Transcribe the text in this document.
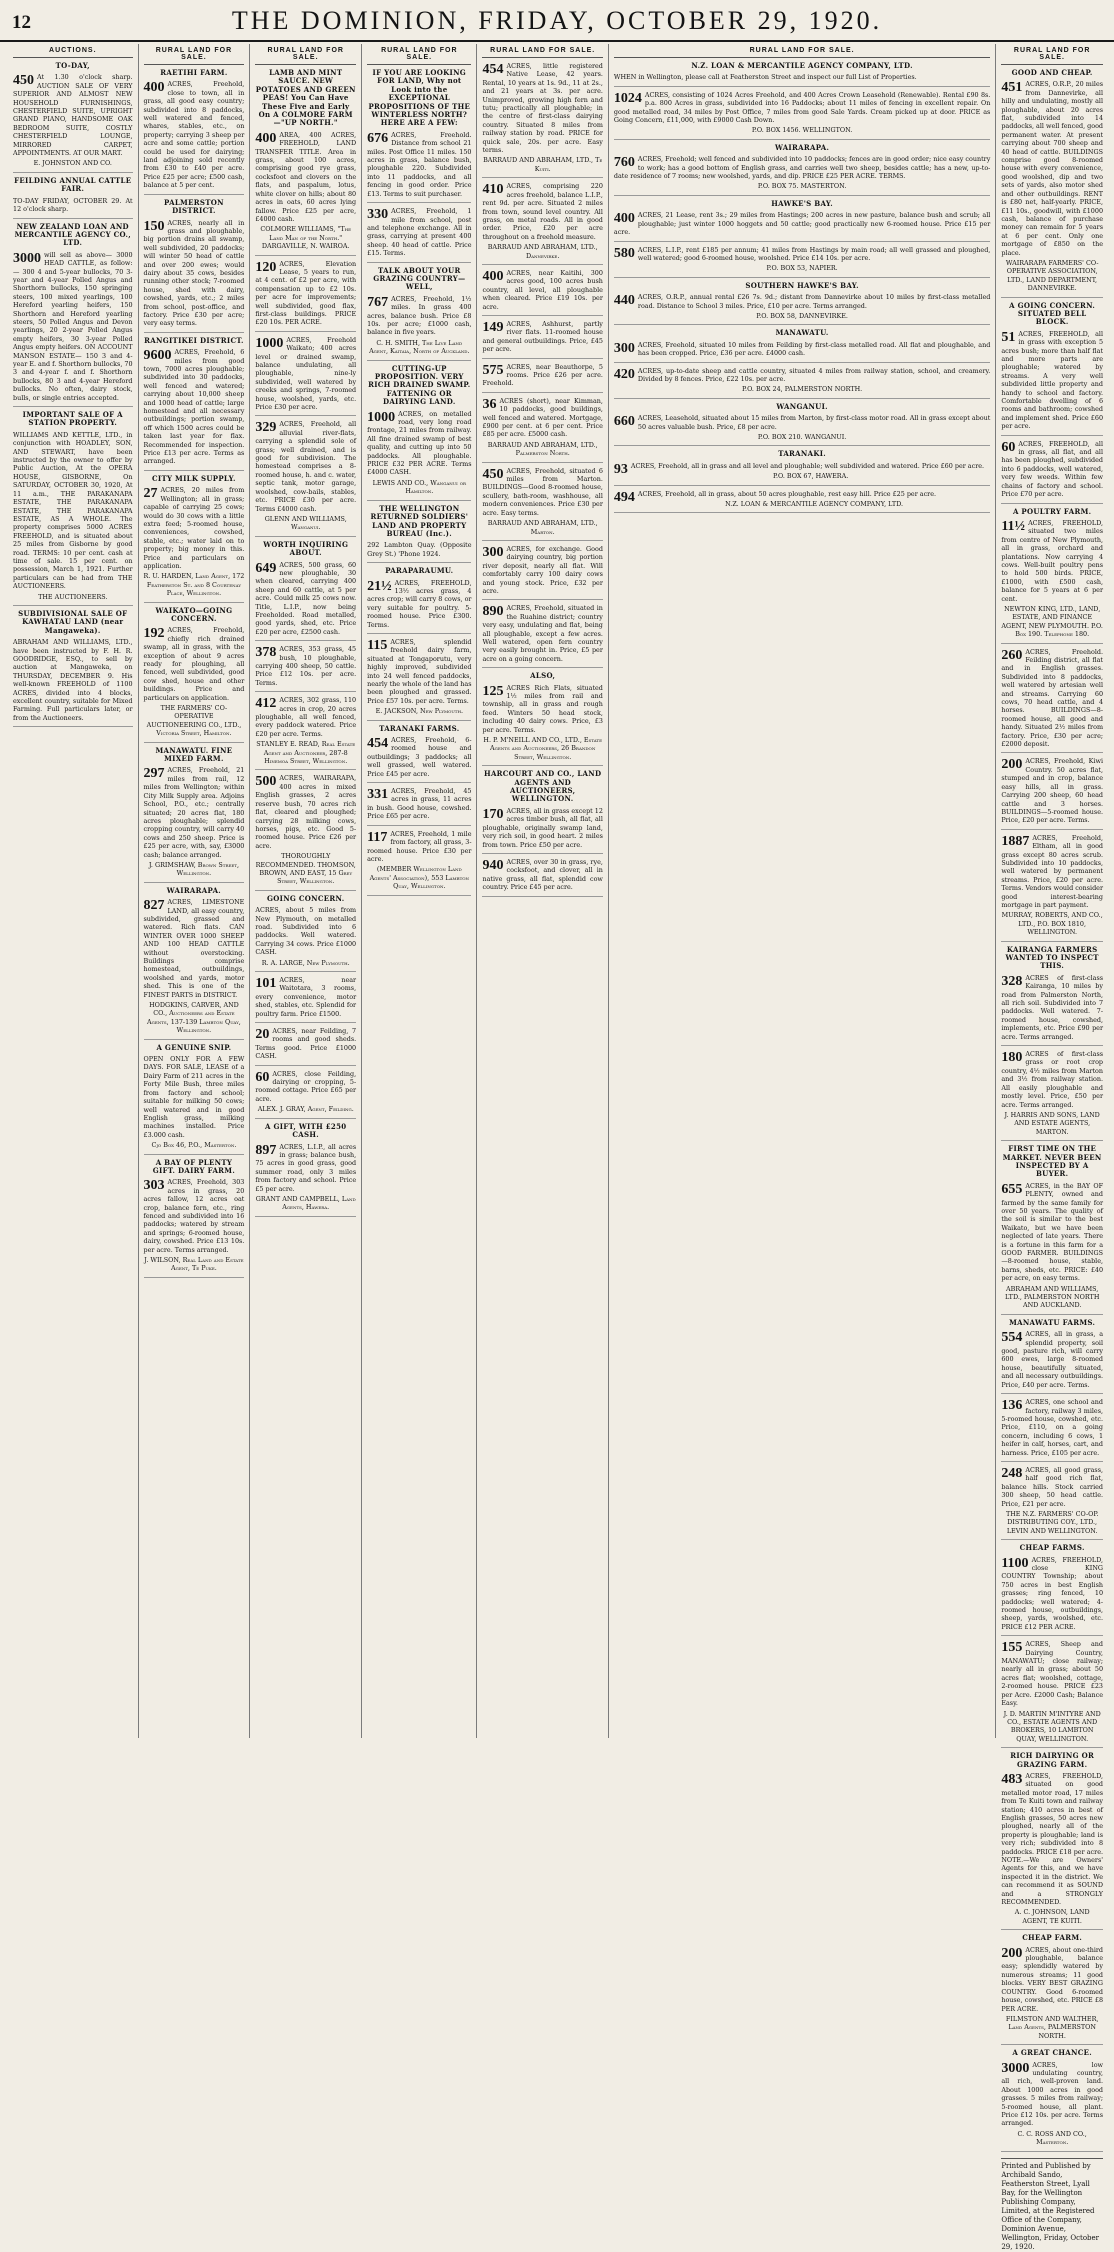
12	THE DOMINION, FRIDAY, OCTOBER 29, 1920.
AUCTIONS.
TO-DAY,

450 At 1.30 o'clock sharp. AUCTION SALE OF VERY SUPERIOR AND ALMOST NEW HOUSEHOLD FURNISHINGS, CHESTERFIELD SUITE, UPRIGHT GRAND PIANO, HANDSOME OAK BEDROOM SUITE, COSTLY CHESTERFIELD LOUNGE, MIRRORED CARPET, APPOINTMENTS. AT OUR MART.

E. JOHNSTON AND CO.
FEILDING ANNUAL CATTLE FAIR.

TO-DAY FRIDAY, OCTOBER 29. At 12 o'clock sharp.

NEW ZEALAND LOAN AND MERCANTILE AGENCY CO., LTD.

3000 will sell as above— 3000 HEAD CATTLE, as follow:— 300 4 and 5-year bullocks, 70 3-year and 4-year Polled Angus and Shorthorn bullocks, 150 springing steers, 100 mixed yearlings, 100 Hereford yearling heifers, 150 Shorthorn and Hereford yearling steers, 50 Polled Angus and Devon yearlings, 20 2-year Polled Angus empty heifers, 30 3-year Polled Angus empty heifers. ON ACCOUNT MANSON ESTATE— 150 3 and 4-year E. and f. Shorthorn bullocks, 70 3 and 4-year f. and f. Shorthorn bullocks, 80 3 and 4-year Hereford bullocks. No often, dairy stock, bulls, or single entries accepted.

IMPORTANT SALE OF A STATION PROPERTY.

WILLIAMS AND KETTLE, LTD., in conjunction with HOADLEY, SON, AND STEWART, have been instructed by the owner to offer by Public Auction, At the OPERA HOUSE, GISBORNE, On SATURDAY, OCTOBER 30, 1920, At 11 a.m., THE PARAKANAPA ESTATE, THE PARAKANAPA ESTATE, THE PARAKANAPA ESTATE, AS A WHOLE. The property comprises 5000 ACRES FREEHOLD, and is situated about 25 miles from Gisborne by good road. TERMS: 10 per cent. cash at time of sale. 15 per cent. on possession, March 1, 1921. Further particulars can be had from THE AUCTIONEERS.

THE AUCTIONEERS.
SUBDIVISIONAL SALE OF KAWHATAU LAND (near Mangaweka).

ABRAHAM AND WILLIAMS, LTD., have been instructed by F. H. R. GOODRIDGE, ESQ., to sell by auction at Mangaweka, on THURSDAY, DECEMBER 9. His well-known FREEHOLD of 1100 ACRES, divided into 4 blocks, excellent country, suitable for Mixed Farming. Full particulars later, or from the Auctioneers.

RURAL LAND FOR SALE.
RAETIHI FARM.

400 ACRES, Freehold, close to town, all in grass, all good easy country; subdivided into 8 paddocks, well watered and fenced, whares, stables, etc., on property; carrying 3 sheep per acre and some cattle; portion could be used for dairying; land adjoining sold recently from £30 to £40 per acre. Price £25 per acre; £500 cash, balance at 5 per cent.

PALMERSTON DISTRICT.

150 ACRES, nearly all in grass and ploughable, big portion drains all swamp, well subdivided, 20 paddocks; will winter 50 head of cattle and over 200 ewes; would dairy about 35 cows, besides running other stock; 7-roomed house, shed with dairy, cowshed, yards, etc.; 2 miles from school, post-office, and factory. Price £30 per acre; very easy terms.

RANGITIKEI DISTRICT.

9600 ACRES, Freehold, 6 miles from good town, 7000 acres ploughable; subdivided into 30 paddocks, well fenced and watered; carrying about 10,000 sheep and 1000 head of cattle; large homestead and all necessary outbuildings; portion swamp, off which 1500 acres could be taken last year for flax. Recommended for inspection. Price £13 per acre. Terms as arranged.

CITY MILK SUPPLY.

27 ACRES, 20 miles from Wellington; all in grass; capable of carrying 25 cows; would do 30 cows with a little extra feed; 5-roomed house, conveniences, cowshed, stable, etc.; water laid on to property; big money in this. Price and particulars on application.

R. U. HARDEN, Land Agent, 172 Featherston St. and 8 Courtenay Place, Wellington.
WAIKATO—GOING CONCERN.

192 ACRES, Freehold, chiefly rich drained swamp, all in grass, with the exception of about 9 acres ready for ploughing, all fenced, well subdivided, good cow shed, house and other buildings. Price and particulars on application.

THE FARMERS' CO-OPERATIVE AUCTIONEERING CO., LTD., Victoria Street, Hamilton.
MANAWATU. FINE MIXED FARM.

297 ACRES, Freehold, 21 miles from rail, 12 miles from Wellington; within City Milk Supply area. Adjoins School, P.O., etc.; centrally situated; 20 acres flat, 180 acres ploughable; splendid cropping country, will carry 40 cows and 250 sheep. Price is £25 per acre, with, say, £3000 cash; balance arranged.

J. GRIMSHAW, Brown Street, Wellington.
WAIRARAPA.

827 ACRES, LIMESTONE LAND, all easy country, subdivided, grassed and watered. Rich flats. CAN WINTER OVER 1000 SHEEP AND 100 HEAD CATTLE without overstocking. Buildings comprise homestead, outbuildings, woolshed and yards, motor shed. This is one of the FINEST PARTS in DISTRICT.

HODGKINS, CARVER, AND CO., Auctioneers and Estate Agents, 137-139 Lambton Quay, Wellington.
A GENUINE SNIP.

OPEN ONLY FOR A FEW DAYS. FOR SALE, LEASE of a Dairy Farm of 211 acres in the Forty Mile Bush, three miles from factory and school; suitable for milking 50 cows; well watered and in good English grass, milking machines installed. Price £3.000 cash.

Cjo Box 46, P.O., Masterton.
A BAY OF PLENTY GIFT. DAIRY FARM.

303 ACRES, Freehold, 303 acres in grass, 20 acres fallow, 12 acres oat crop, balance fern, etc., ring fenced and subdivided into 16 paddocks; watered by stream and springs; 6-roomed house, dairy, cowshed. Price £13 10s. per acre. Terms arranged.

J. WILSON, Real Land and Estate Agent, Te Puke.
RURAL LAND FOR SALE.
LAMB AND MINT SAUCE. NEW POTATOES AND GREEN PEAS! You Can Have These Five and Early On A COLMORE FARM—"UP NORTH."

400 AREA, 400 ACRES, FREEHOLD, LAND TRANSFER TITLE. Area in grass, about 100 acres, comprising good rye grass, cocksfoot and clovers on the flats, and paspalum, lotus, white clover on hills; about 80 acres in oats, 60 acres lying fallow. Price £25 per acre, £4000 cash.

COLMORE WILLIAMS, "The Land Man of the North." DARGAVILLE, N. WAIROA.

120 ACRES, Elevation Lease, 5 years to run, at 4 cent. of £2 per acre, with compensation up to £2 10s. per acre for improvements; well subdivided, good flax, first-class buildings. PRICE £20 10s. PER ACRE.

1000 ACRES, Freehold Waikato; 400 acres level or drained swamp, balance undulating, all ploughable, nine-ly subdivided, well watered by creeks and springs, 7-roomed house, woolshed, yards, etc. Price £30 per acre.

329 ACRES, Freehold, all alluvial river-flats, carrying a splendid sole of grass; well drained, and is good for subdivision. The homestead comprises a 8-roomed house, h. and c. water, septic tank, motor garage, woolshed, cow-bails, stables, etc. PRICE £30 per acre. Terms £4000 cash.

GLENN AND WILLIAMS, Wanganui.
WORTH INQUIRING ABOUT.

649 ACRES, 500 grass, 60 new ploughable, 30 when cleared, carrying 400 sheep and 60 cattle, at 5 per acre. Could milk 25 cows now. Title, L.I.P., now being Freeholded. Road metalled, good yards, shed, etc. Price £20 per acre, £2500 cash.

378 ACRES, 353 grass, 45 bush, 10 ploughable, carrying 400 sheep, 50 cattle. Price £12 10s. per acre. Terms.

412 ACRES, 302 grass, 110 acres in crop, 20 acres ploughable, all well fenced, every paddock watered. Price £20 per acre. Terms.

STANLEY E. READ, Real Estate Agent and Auctioneer, 287-8 Hinemoa Street, Wellington.

500 ACRES, WAIRARAPA, 400 acres in mixed English grasses, 2 acres reserve bush, 70 acres rich flat, cleared and ploughed; carrying 28 milking cows, horses, pigs, etc. Good 5-roomed house. Price £26 per acre.

THOROUGHLY RECOMMENDED. THOMSON, BROWN, AND EAST, 15 Grey Street, Wellington.
GOING CONCERN.

ACRES, about 5 miles from New Plymouth, on metalled road. Subdivided into 6 paddocks. Well watered. Carrying 34 cows. Price £1000 CASH.

R. A. LARGE, New Plymouth.

101 ACRES, near Waitotara, 3 rooms, every convenience, motor shed, stables, etc. Splendid for poultry farm. Price £1500.

20 ACRES, near Feilding, 7 rooms and good sheds. Terms good. Price £1000 CASH.

60 ACRES, close Feilding, dairying or cropping, 5-roomed cottage. Price £65 per acre.

ALEX. J. GRAY, Agent, Feilding.
A GIFT, WITH £250 CASH.

897 ACRES, L.I.P., all acres in grass; balance bush, 75 acres in good grass, good summer road, only 3 miles from factory and school. Price £5 per acre.

GRANT AND CAMPBELL, Land Agents, Hawera.
RURAL LAND FOR SALE.
IF YOU ARE LOOKING FOR LAND, Why not Look into the EXCEPTIONAL PROPOSITIONS OF THE WINTERLESS NORTH? HERE ARE A FEW:

676 ACRES, Freehold. Distance from school 21 miles. Post Office 11 miles. 150 acres in grass, balance bush, ploughable 220. Subdivided into 11 paddocks, and all fencing in good order. Price £13. Terms to suit purchaser.

330 ACRES, Freehold, 1 mile from school, post and telephone exchange. All in grass, carrying at present 400 sheep. 40 head of cattle. Price £15. Terms.

TALK ABOUT YOUR GRAZING COUNTRY—WELL,

767 ACRES, Freehold, 1½ miles. In grass 400 acres, balance bush. Price £8 10s. per acre; £1000 cash, balance in five years.

C. H. SMITH, The Live Land Agent, Kaitaia, North of Auckland.
CUTTING-UP PROPOSITION. VERY RICH DRAINED SWAMP. FATTENING OR DAIRYING LAND.

1000 ACRES, on metalled road, very long road frontage, 21 miles from railway. All fine drained swamp of best quality, and cutting up into 50 paddocks. All ploughable. PRICE £32 PER ACRE. Terms £4000 CASH.

LEWIS AND CO., Wanganui or Hamilton.
THE WELLINGTON RETURNED SOLDIERS' LAND AND PROPERTY BUREAU (Inc.).

292 Lambton Quay. (Opposite Grey St.) 'Phone 1924.

PARAPARAUMU.

21½ ACRES, FREEHOLD, 13½ acres grass, 4 acres crop; will carry 8 cows, or very suitable for poultry. 5-roomed house. Price £300. Terms.

115 ACRES, splendid freehold dairy farm, situated at Tongaporutu, very highly improved, subdivided into 24 well fenced paddocks, nearly the whole of the land has been ploughed and grassed. Price £57 10s. per acre. Terms.

E. JACKSON, New Plymouth.
TARANAKI FARMS.

454 ACRES, Freehold, 6-roomed house and outbuildings; 3 paddocks; all well grassed, well watered. Price £45 per acre.

331 ACRES, Freehold, 45 acres in grass, 11 acres in bush. Good house, cowshed. Price £65 per acre.

117 ACRES, Freehold, 1 mile from factory, all grass, 3-roomed house. Price £30 per acre.

(MEMBER Wellington Land Agents' Association), 553 Lambton Quay, Wellington.
RURAL LAND FOR SALE.

454 ACRES, little registered Native Lease, 42 years. Rental, 10 years at 1s. 9d., 11 at 2s., and 21 years at 3s. per acre. Unimproved, growing high fern and tutu; practically all ploughable; in the centre of first-class dairying country. Situated 8 miles from railway station by road. PRICE for quick sale, 20s. per acre. Easy terms.

BARRAUD AND ABRAHAM, LTD., Te Kuiti.

410 ACRES, comprising 220 acres freehold, balance L.I.P., rent 9d. per acre. Situated 2 miles from town, sound level country. All grass, on metal roads. All in good order. Price, £20 per acre throughout on a freehold measure.

BARRAUD AND ABRAHAM, LTD., Dannevirke.

400 ACRES, near Kaitihi, 300 acres good, 100 acres bush country, all level, all ploughable when cleared. Price £19 10s. per acre.

149 ACRES, Ashhurst, partly river flats. 11-roomed house and general outbuildings. Price, £45 per acre.

575 ACRES, near Beauthorpe, 5 rooms. Price £26 per acre. Freehold.

36 ACRES (short), near Kimman, 10 paddocks, good buildings, well fenced and watered. Mortgage, £900 per cent. at 6 per cent. Price £85 per acre. £5000 cash.

BARRAUD AND ABRAHAM, LTD., Palmerston North.

450 ACRES, Freehold, situated 6 miles from Marton. BUILDINGS—Good 8-roomed house, scullery, bath-room, washhouse, all modern conveniences. Price £30 per acre. Easy terms.

BARRAUD AND ABRAHAM, LTD., Marton.

300 ACRES, for exchange. Good dairying country, big portion river deposit, nearly all flat. Will comfortably carry 100 dairy cows and young stock. Price, £32 per acre.

890 ACRES, Freehold, situated in the Ruahine district; country very easy, undulating and flat, being all ploughable, except a few acres. Well watered, open fern country very easily brought in. Price, £5 per acre on a going concern.

ALSO,

125 ACRES Rich Flats, situated 1½ miles from rail and township, all in grass and rough feed. Winters 50 head stock, including 40 dairy cows. Price, £3 per acre. Terms.

H. P. M'NEILL AND CO., LTD., Estate Agents and Auctioneers, 26 Brandon Street, Wellington.
HARCOURT AND CO., LAND AGENTS AND AUCTIONEERS, WELLINGTON.

170 ACRES, all in grass except 12 acres timber bush, all flat, all ploughable, originally swamp land, very rich soil, in good heart. 2 miles from town. Price £50 per acre.

940 ACRES, over 30 in grass, rye, cocksfoot, and clover, all in native grass, all flat, splendid cow country. Price £45 per acre.

RURAL LAND FOR SALE.
N.Z. LOAN & MERCANTILE AGENCY COMPANY, LTD.

WHEN in Wellington, please call at Featherston Street and inspect our full List of Properties.

1024 ACRES, consisting of 1024 Acres Freehold, and 400 Acres Crown Leasehold (Renewable). Rental £90 8s. p.a. 800 Acres in grass, subdivided into 16 Paddocks; about 11 miles of fencing in excellent repair. On good metalled road, 34 miles by Post Office, 7 miles from good Sale Yards. Cream picked up at door. PRICE as Going Concern, £11,000, with £9000 Cash Down.

P.O. BOX 1456. WELLINGTON.
WAIRARAPA.

760 ACRES, Freehold; well fenced and subdivided into 10 paddocks; fences are in good order; nice easy country to work; has a good bottom of English grass, and carries well two sheep, besides cattle; has a new, up-to-date residence of 7 rooms; new woolshed, yards, and dip. PRICE £25 PER ACRE. TERMS.

P.O. BOX 75. MASTERTON.
HAWKE'S BAY.

400 ACRES, 21 Lease, rent 3s.; 29 miles from Hastings; 200 acres in new pasture, balance bush and scrub; all ploughable; just winter 1000 hoggets and 50 cattle; good practically new 6-roomed house. Price £15 per acre.

580 ACRES, L.I.P., rent £185 per annum; 41 miles from Hastings by main road; all well grassed and ploughed, well watered; good 6-roomed house, woolshed. Price £14 10s. per acre.

P.O. BOX 53, NAPIER.
SOUTHERN HAWKE'S BAY.

440 ACRES, O.R.P., annual rental £26 7s. 9d.; distant from Dannevirke about 10 miles by first-class metalled road. Distance to School 3 miles. Price, £10 per acre. Terms arranged.

P.O. BOX 58, DANNEVIRKE.
MANAWATU.

300 ACRES, Freehold, situated 10 miles from Feilding by first-class metalled road. All flat and ploughable, and has been cropped. Price, £36 per acre. £4000 cash.

420 ACRES, up-to-date sheep and cattle country, situated 4 miles from railway station, school, and creamery. Divided by 8 fences. Price, £22 10s. per acre.

P.O. BOX 24, PALMERSTON NORTH.
WANGANUI.

660 ACRES, Leasehold, situated about 15 miles from Marton, by first-class motor road. All in grass except about 50 acres valuable bush. Price, £8 per acre.

P.O. BOX 210. WANGANUI.
TARANAKI.

93 ACRES, Freehold, all in grass and all level and ploughable; well subdivided and watered. Price £60 per acre.

P.O. BOX 67, HAWERA.

494 ACRES, Freehold, all in grass, about 50 acres ploughable, rest easy hill. Price £25 per acre.

N.Z. LOAN & MERCANTILE AGENCY COMPANY, LTD.
RURAL LAND FOR SALE.
GOOD AND CHEAP.

451 ACRES, O.R.P., 20 miles from Dannevirke, all hilly and undulating, mostly all ploughable, about 20 acres flat, subdivided into 14 paddocks, all well fenced, good permanent water. At present carrying about 700 sheep and 40 head of cattle. BUILDINGS comprise good 8-roomed house with every convenience, good woolshed, dip and two sets of yards, also motor shed and other outbuildings. RENT is £80 net, half-yearly. PRICE, £11 10s., goodwill, with £1000 cash, balance of purchase money can remain for 5 years at 6 per cent. Only one mortgage of £850 on the place.

WAIRARAPA FARMERS' CO-OPERATIVE ASSOCIATION, LTD., LAND DEPARTMENT, DANNEVIRKE.
A GOING CONCERN. SITUATED BELL BLOCK.

51 ACRES, FREEHOLD, all in grass with exception 5 acres bush; more than half flat and more parts are ploughable; watered by streams. A very well subdivided little property and handy to school and factory. Comfortable dwelling of 6 rooms and bathroom; cowshed and implement shed. Price £60 per acre.

60 ACRES, FREEHOLD, all in grass, all flat, and all has been ploughed, subdivided into 6 paddocks, well watered, very few weeds. Within few chains of factory and school. Price £70 per acre.

A POULTRY FARM.

11½ ACRES, FREEHOLD, situated two miles from centre of New Plymouth, all in grass, orchard and plantations. Now carrying 4 cows. Well-built poultry pens to hold 500 birds. PRICE, £1000, with £500 cash, balance for 5 years at 6 per cent.

NEWTON KING, LTD., LAND, ESTATE, AND FINANCE AGENT, NEW PLYMOUTH. P.O. Box 190. Telephone 180.

260 ACRES, Freehold. Feilding district, all flat and in English grasses. Subdivided into 8 paddocks, well watered by artesian well and streams. Carrying 60 cows, 70 head cattle, and 4 horses. BUILDINGS—8-roomed house, all good and handy. Situated 2½ miles from factory. Price, £30 per acre; £2000 deposit.

200 ACRES, Freehold, Kiwi Country. 50 acres flat, stumped and in crop, balance easy hills, all in grass. Carrying 200 sheep, 60 head cattle and 3 horses. BUILDINGS—5-roomed house. Price, £20 per acre. Terms.

1887 ACRES, Freehold, Eltham, all in good grass except 80 acres scrub. Subdivided into 10 paddocks, well watered by permanent streams. Price, £20 per acre. Terms. Vendors would consider good interest-bearing mortgage in part payment.

MURRAY, ROBERTS, AND CO., LTD., P.O. BOX 1810, WELLINGTON.
KAIRANGA FARMERS WANTED TO INSPECT THIS.

328 ACRES of first-class Kairanga, 10 miles by road from Palmerston North, all rich soil. Subdivided into 7 paddocks. Well watered. 7-roomed house, cowshed, implements, etc. Price £90 per acre. Terms arranged.

180 ACRES of first-class grass or root crop country, 4½ miles from Marton and 3½ from railway station. All easily ploughable and mostly level. Price, £50 per acre. Terms arranged.

J. HARRIS AND SONS, LAND AND ESTATE AGENTS, MARTON.
FIRST TIME ON THE MARKET. NEVER BEEN INSPECTED BY A BUYER.

655 ACRES, in the BAY OF PLENTY, owned and farmed by the same family for over 50 years. The quality of the soil is similar to the best Waikato, but we have been neglected of late years. There is a fortune in this farm for a GOOD FARMER. BUILDINGS—8-roomed house, stable, barns, sheds, etc. PRICE: £40 per acre, on easy terms.

ABRAHAM AND WILLIAMS, LTD., PALMERSTON NORTH AND AUCKLAND.
MANAWATU FARMS.

554 ACRES, all in grass, a splendid property, soil good, pasture rich, will carry 600 ewes, large 8-roomed house, beautifully situated, and all necessary outbuildings. Price, £40 per acre. Terms.

136 ACRES, one school and factory, railway 3 miles, 5-roomed house, cowshed, etc. Price, £110, on a going concern, including 6 cows, 1 heifer in calf, horses, cart, and harness. Price, £105 per acre.

248 ACRES, all good grass, half good rich flat, balance hills. Stock carried 300 sheep, 50 head cattle. Price, £21 per acre.

THE N.Z. FARMERS' CO-OP. DISTRIBUTING COY., LTD., LEVIN AND WELLINGTON.
CHEAP FARMS.

1100 ACRES, FREEHOLD, close KING COUNTRY Township; about 750 acres in best English grasses; ring fenced, 10 paddocks; well watered; 4-roomed house, outbuildings, sheep, yards, woolshed, etc. PRICE £12 PER ACRE.

155 ACRES, Sheep and Dairying Country, MANAWATU; close railway; nearly all in grass; about 50 acres flat; woolshed, cottage, 2-roomed house. PRICE £23 per Acre. £2000 Cash; Balance Easy.

J. D. MARTIN M'INTYRE AND CO., ESTATE AGENTS AND BROKERS, 10 LAMBTON QUAY, WELLINGTON.
RICH DAIRYING OR GRAZING FARM.

483 ACRES, FREEHOLD, situated on good metalled motor road, 17 miles from Te Kuiti town and railway station; 410 acres in best of English grasses, 50 acres new ploughed, nearly all of the property is ploughable; land is very rich; subdivided into 8 paddocks. PRICE £18 per acre. NOTE.—We are Owners' Agents for this, and we have inspected it in the district. We can recommend it as SOUND and a STRONGLY RECOMMENDED.

A. C. JOHNSON, LAND AGENT, TE KUITI.
CHEAP FARM.

200 ACRES, about one-third ploughable, balance easy; splendidly watered by numerous streams; 11 good blocks. VERY BEST GRAZING COUNTRY. Good 6-roomed house, cowshed, etc. PRICE £8 PER ACRE.

FILMSTON AND WALTHER, Land Agents, PALMERSTON NORTH.
A GREAT CHANCE.

3000 ACRES, low undulating country, all rich, well-proven land. About 1000 acres in good grasses. 5 miles from railway; 5-roomed house, all plant. Price £12 10s. per acre. Terms arranged.

C. C. ROSS AND CO., Masterton.
Printed and Published by Archibald Sando, Featherston Street, Lyall Bay, for the Wellington Publishing Company, Limited, at the Registered Office of the Company, Dominion Avenue, Wellington, Friday, October 29, 1920.
